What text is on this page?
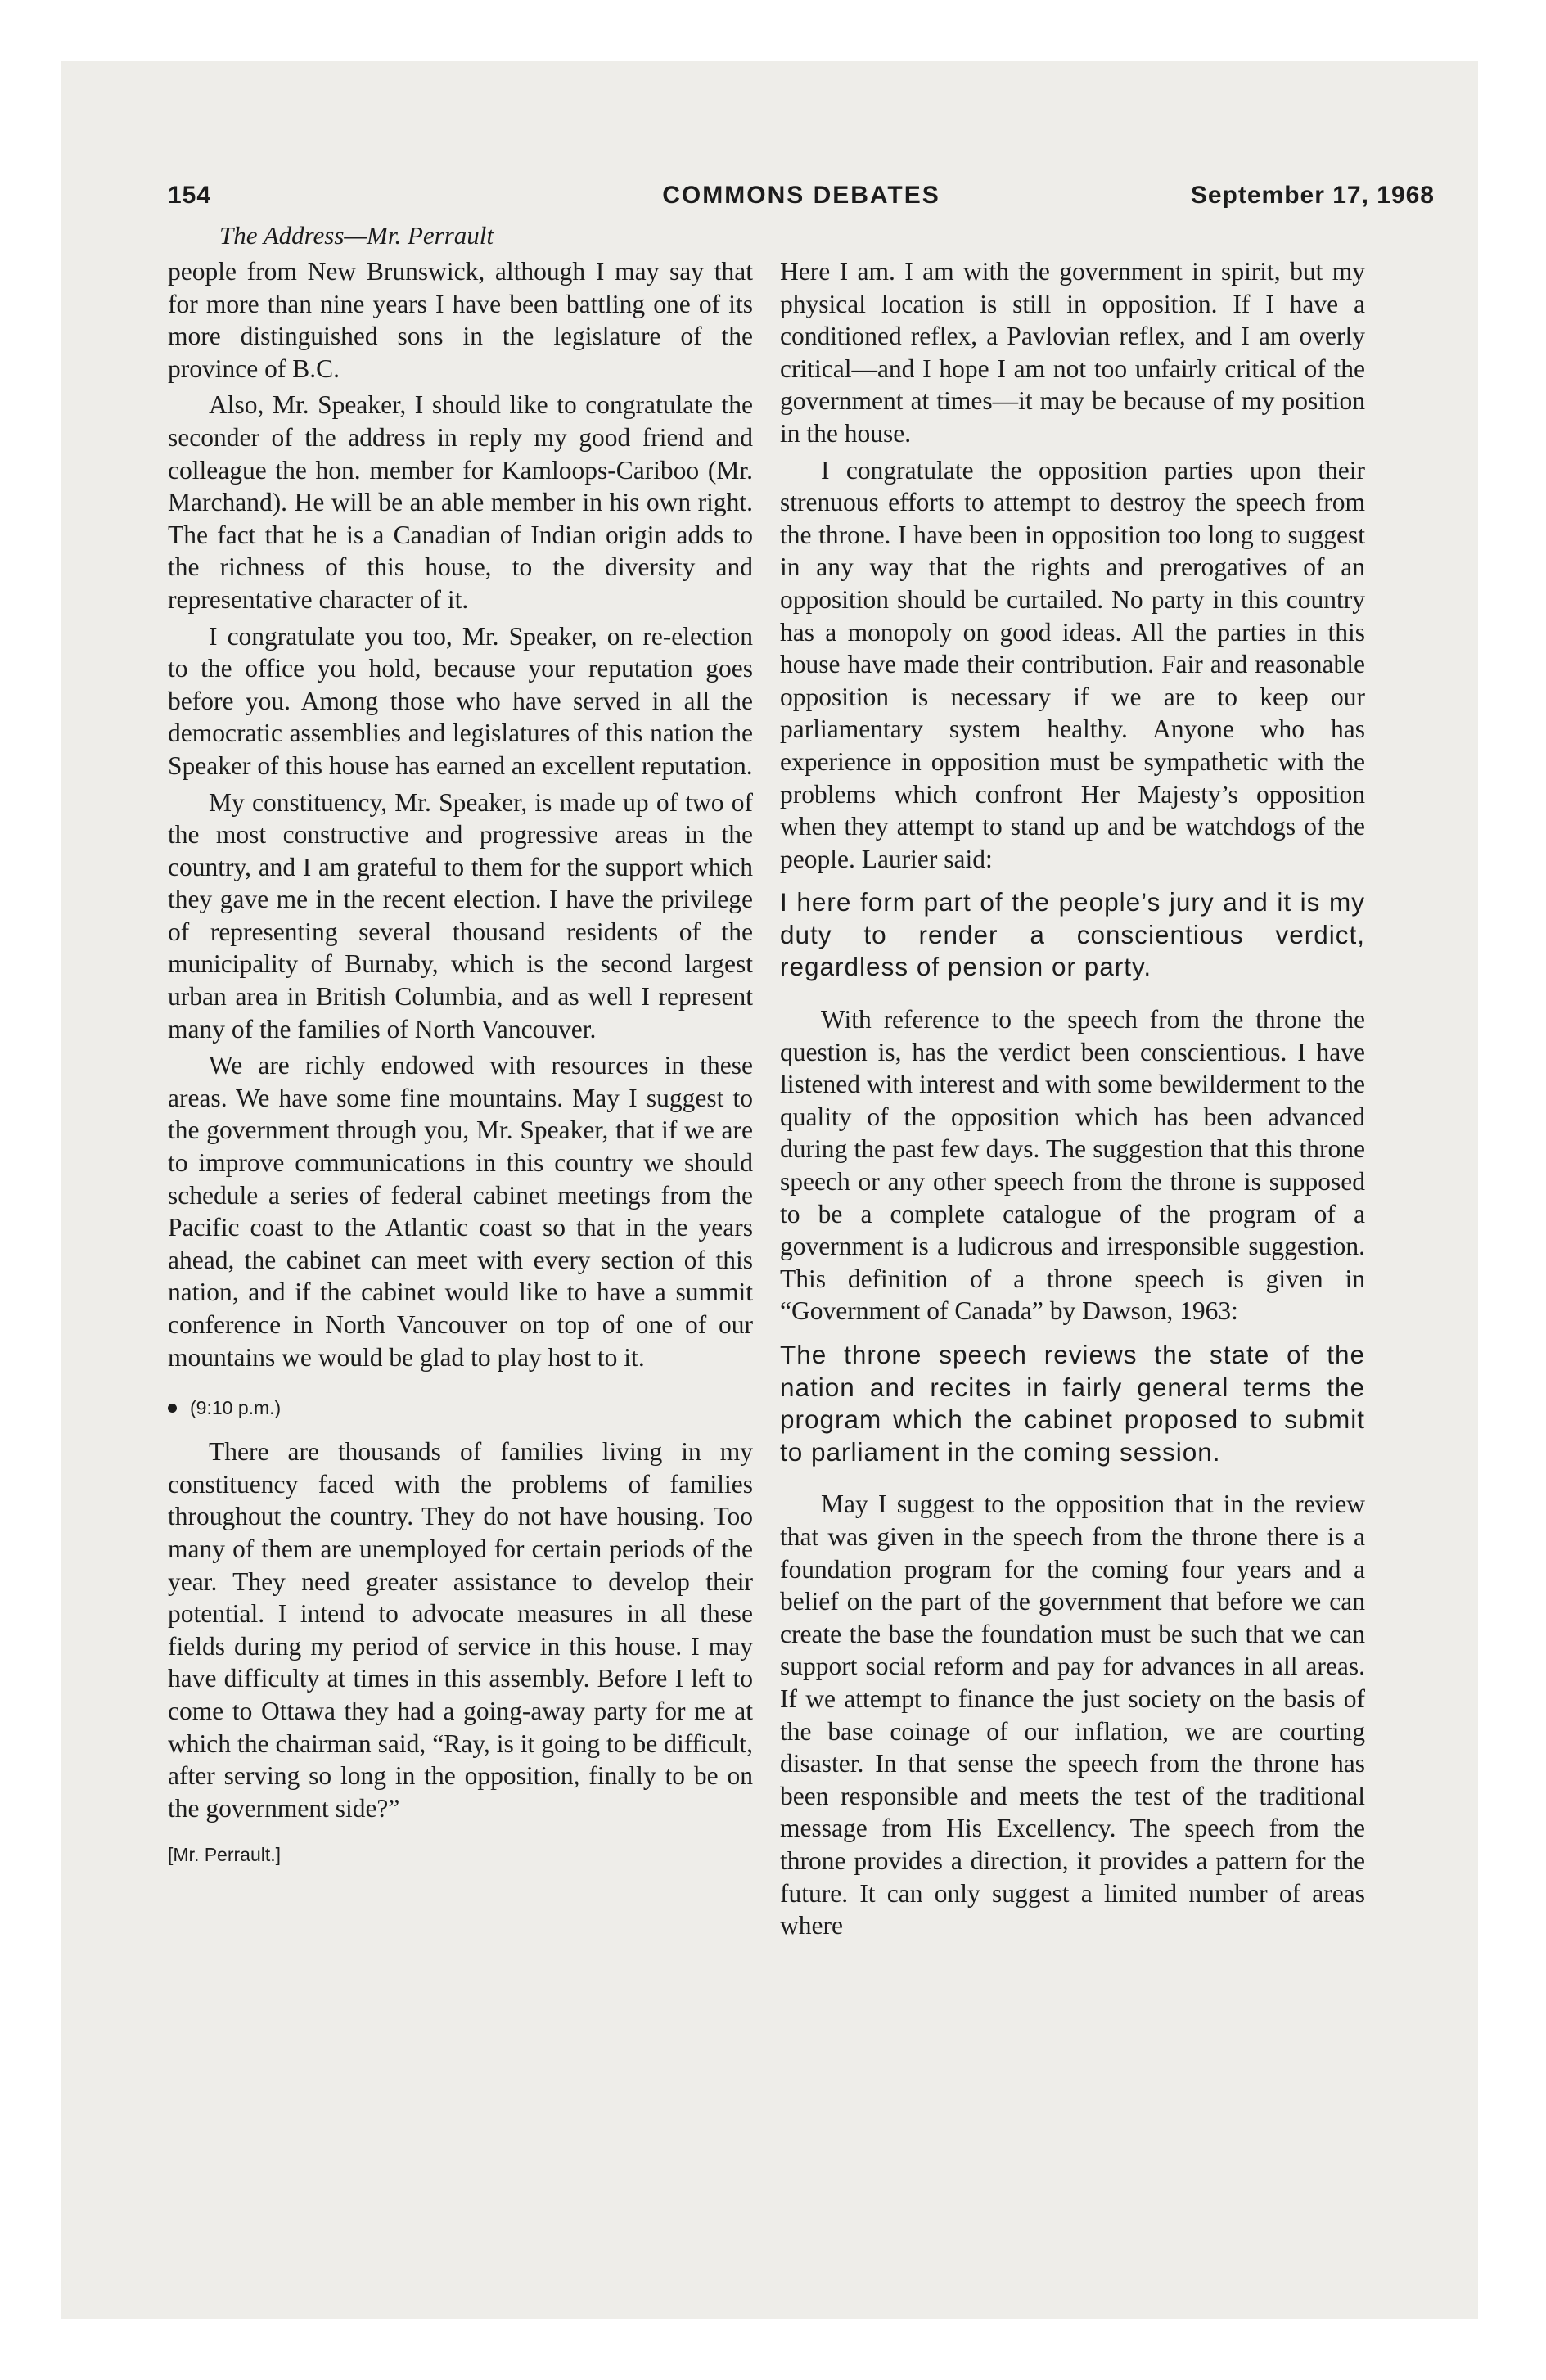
154	COMMONS DEBATES	September 17, 1968
The Address—Mr. Perrault

people from New Brunswick, although I may say that for more than nine years I have been battling one of its more distinguished sons in the legislature of the province of B.C.

Also, Mr. Speaker, I should like to congratulate the seconder of the address in reply my good friend and colleague the hon. member for Kamloops-Cariboo (Mr. Marchand). He will be an able member in his own right. The fact that he is a Canadian of Indian origin adds to the richness of this house, to the diversity and representative character of it.

I congratulate you too, Mr. Speaker, on re-election to the office you hold, because your reputation goes before you. Among those who have served in all the democratic assemblies and legislatures of this nation the Speaker of this house has earned an excellent reputation.

My constituency, Mr. Speaker, is made up of two of the most constructive and progressive areas in the country, and I am grateful to them for the support which they gave me in the recent election. I have the privilege of representing several thousand residents of the municipality of Burnaby, which is the second largest urban area in British Columbia, and as well I represent many of the families of North Vancouver.

We are richly endowed with resources in these areas. We have some fine mountains. May I suggest to the government through you, Mr. Speaker, that if we are to improve communications in this country we should schedule a series of federal cabinet meetings from the Pacific coast to the Atlantic coast so that in the years ahead, the cabinet can meet with every section of this nation, and if the cabinet would like to have a summit conference in North Vancouver on top of one of our mountains we would be glad to play host to it.

(9:10 p.m.)

There are thousands of families living in my constituency faced with the problems of families throughout the country. They do not have housing. Too many of them are unemployed for certain periods of the year. They need greater assistance to develop their potential. I intend to advocate measures in all these fields during my period of service in this house. I may have difficulty at times in this assembly. Before I left to come to Ottawa they had a going-away party for me at which the chairman said, “Ray, is it going to be difficult, after serving so long in the opposition, finally to be on the government side?”

[Mr. Perrault.]

Here I am. I am with the government in spirit, but my physical location is still in opposition. If I have a conditioned reflex, a Pavlovian reflex, and I am overly critical—and I hope I am not too unfairly critical of the government at times—it may be because of my position in the house.

I congratulate the opposition parties upon their strenuous efforts to attempt to destroy the speech from the throne. I have been in opposition too long to suggest in any way that the rights and prerogatives of an opposition should be curtailed. No party in this country has a monopoly on good ideas. All the parties in this house have made their contribution. Fair and reasonable opposition is necessary if we are to keep our parliamentary system healthy. Anyone who has experience in opposition must be sympathetic with the problems which confront Her Majesty’s opposition when they attempt to stand up and be watchdogs of the people. Laurier said:

I here form part of the people’s jury and it is my duty to render a conscientious verdict, regardless of pension or party.

With reference to the speech from the throne the question is, has the verdict been conscientious. I have listened with interest and with some bewilderment to the quality of the opposition which has been advanced during the past few days. The suggestion that this throne speech or any other speech from the throne is supposed to be a complete catalogue of the program of a government is a ludicrous and irresponsible suggestion. This definition of a throne speech is given in “Government of Canada” by Dawson, 1963:

The throne speech reviews the state of the nation and recites in fairly general terms the program which the cabinet proposed to submit to parliament in the coming session.

May I suggest to the opposition that in the review that was given in the speech from the throne there is a foundation program for the coming four years and a belief on the part of the government that before we can create the base the foundation must be such that we can support social reform and pay for advances in all areas. If we attempt to finance the just society on the basis of the base coinage of our inflation, we are courting disaster. In that sense the speech from the throne has been responsible and meets the test of the traditional message from His Excellency. The speech from the throne provides a direction, it provides a pattern for the future. It can only suggest a limited number of areas where
